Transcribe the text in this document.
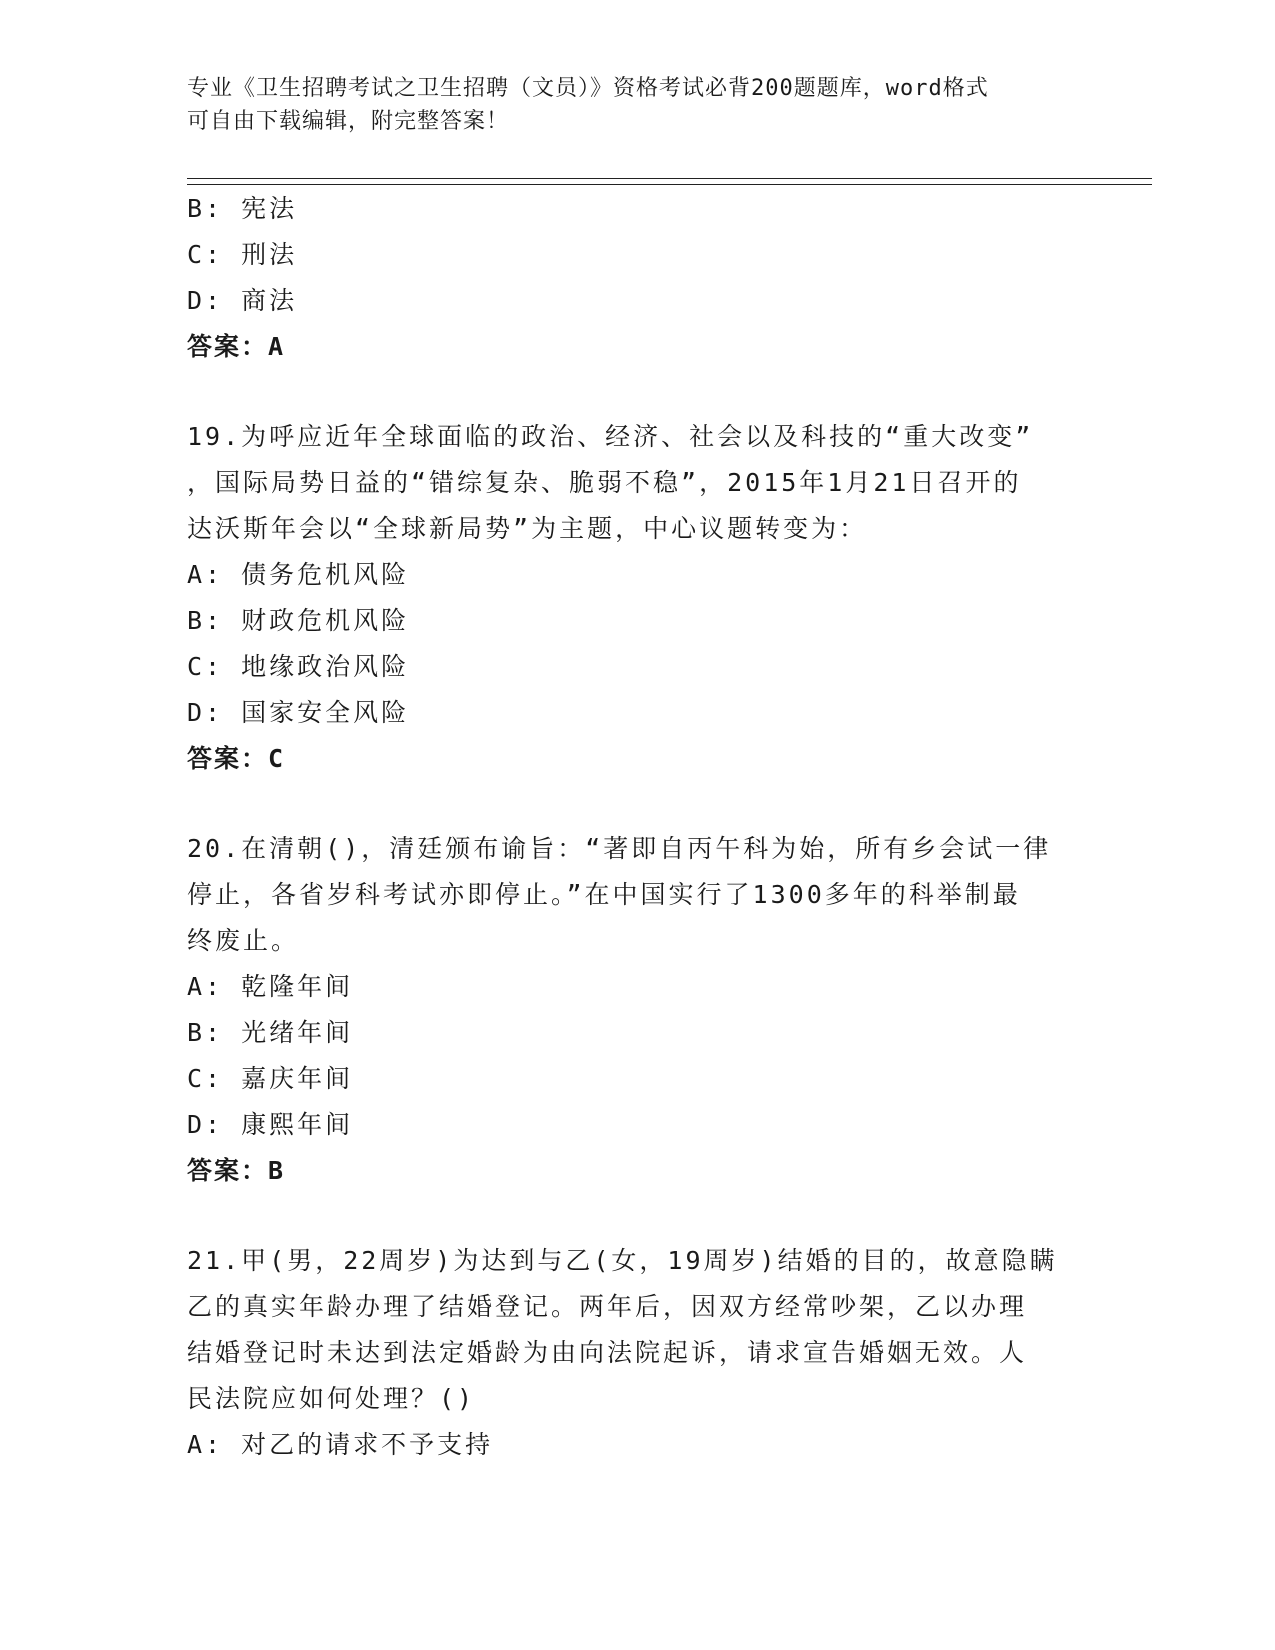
专业《卫生招聘考试之卫生招聘（文员）》资格考试必背200题题库，word格式
可自由下载编辑，附完整答案！
B: 宪法
C: 刑法
D: 商法
答案：A
19.为呼应近年全球面临的政治、经济、社会以及科技的“重大改变”
，国际局势日益的“错综复杂、脆弱不稳”，2015年1月21日召开的
达沃斯年会以“全球新局势”为主题，中心议题转变为：
A: 债务危机风险
B: 财政危机风险
C: 地缘政治风险
D: 国家安全风险
答案：C
20.在清朝()，清廷颁布谕旨：“著即自丙午科为始，所有乡会试一律
停止，各省岁科考试亦即停止。”在中国实行了1300多年的科举制最
终废止。
A: 乾隆年间
B: 光绪年间
C: 嘉庆年间
D: 康熙年间
答案：B
21.甲(男，22周岁)为达到与乙(女，19周岁)结婚的目的，故意隐瞒
乙的真实年龄办理了结婚登记。两年后，因双方经常吵架，乙以办理
结婚登记时未达到法定婚龄为由向法院起诉，请求宣告婚姻无效。人
民法院应如何处理？()
A: 对乙的请求不予支持
